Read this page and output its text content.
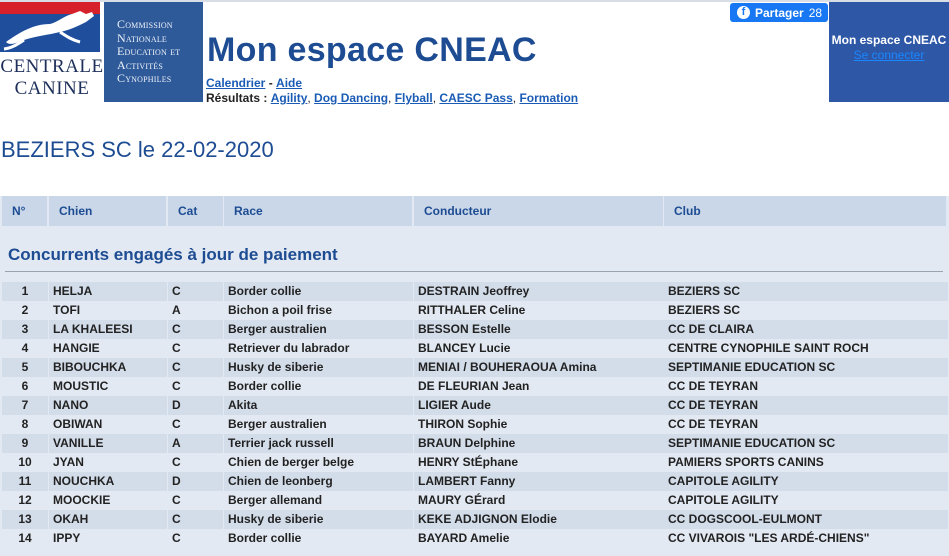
CENTRALE CANINE
Commission Nationale Education et Activités Cynophiles
Mon espace CNEAC
Calendrier - Aide
Résultats : Agility, Dog Dancing, Flyball, CAESC Pass, Formation
f Partager 28
Mon espace CNEAC
Se connecter
BEZIERS SC le 22-02-2020
N°	Chien	Cat	Race	Conducteur	Club
Concurrents engagés à jour de paiement
1	HELJA	C	Border collie	DESTRAIN Jeoffrey	BEZIERS SC
2	TOFI	A	Bichon a poil frise	RITTHALER Celine	BEZIERS SC
3	LA KHALEESI	C	Berger australien	BESSON Estelle	CC DE CLAIRA
4	HANGIE	C	Retriever du labrador	BLANCEY Lucie	CENTRE CYNOPHILE SAINT ROCH
5	BIBOUCHKA	C	Husky de siberie	MENIAI / BOUHERAOUA Amina	SEPTIMANIE EDUCATION SC
6	MOUSTIC	C	Border collie	DE FLEURIAN Jean	CC DE TEYRAN
7	NANO	D	Akita	LIGIER Aude	CC DE TEYRAN
8	OBIWAN	C	Berger australien	THIRON Sophie	CC DE TEYRAN
9	VANILLE	A	Terrier jack russell	BRAUN Delphine	SEPTIMANIE EDUCATION SC
10	JYAN	C	Chien de berger belge	HENRY StÉphane	PAMIERS SPORTS CANINS
11	NOUCHKA	D	Chien de leonberg	LAMBERT Fanny	CAPITOLE AGILITY
12	MOOCKIE	C	Berger allemand	MAURY GÉrard	CAPITOLE AGILITY
13	OKAH	C	Husky de siberie	KEKE ADJIGNON Elodie	CC DOGSCOOL-EULMONT
14	IPPY	C	Border collie	BAYARD Amelie	CC VIVAROIS "LES ARDÉ-CHIENS"
